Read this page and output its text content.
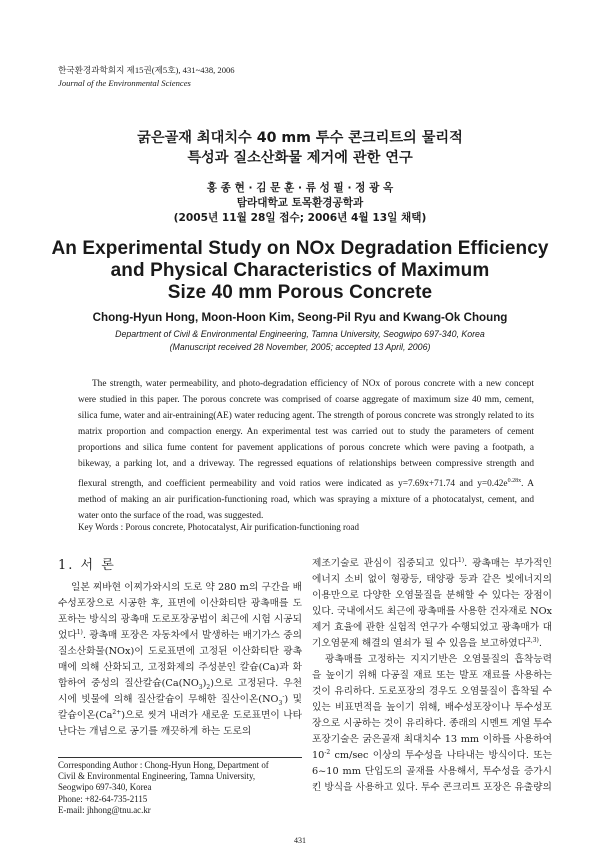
한국환경과학회지 제15권(제5호), 431~438, 2006
Journal of the Environmental Sciences
굵은골재 최대치수 40 mm 투수 콘크리트의 물리적
특성과 질소산화물 제거에 관한 연구
홍 종 현 · 김 문 훈 · 류 성 필 · 정 광 옥
탐라대학교 토목환경공학과
(2005년 11월 28일 접수; 2006년 4월 13일 채택)
An Experimental Study on NOx Degradation Efficiency
and Physical Characteristics of Maximum
Size 40 mm Porous Concrete
Chong-Hyun Hong, Moon-Hoon Kim, Seong-Pil Ryu and Kwang-Ok Choung
Department of Civil & Environmental Engineering, Tamna University, Seogwipo 697-340, Korea
(Manuscript received 28 November, 2005; accepted 13 April, 2006)

The strength, water permeability, and photo-degradation efficiency of NOx of porous concrete with a new concept were studied in this paper. The porous concrete was comprised of coarse aggregate of maximum size 40 mm, cement, silica fume, water and air-entraining(AE) water reducing agent. The strength of porous concrete was strongly related to its matrix proportion and compaction energy. An experimental test was carried out to study the parameters of cement proportions and silica fume content for pavement applications of porous concrete which were paving a footpath, a bikeway, a parking lot, and a driveway. The regressed equations of relationships between compressive strength and flexural strength, and coefficient permeability and void ratios were indicated as y=7.69x+71.74 and $y=0.42e^{0.28x}$. A method of making an air purification-functioning road, which was spraying a mixture of a photocatalyst, cement, and water onto the surface of the road, was suggested.

Key Words : Porous concrete, Photocatalyst, Air purification-functioning road
1. 서 론

일본 찌바현 이찌가와시의 도로 약 280 m의 구간을 배수성포장으로 시공한 후, 표면에 이산화티탄 광촉매를 도포하는 방식의 광촉매 도로포장공법이 최근에 시험 시공되었다$^{1)}$. 광촉매 포장은 자동차에서 발생하는 배기가스 중의 질소산화물(NOx)이 도로표면에 고정된 이산화티탄 광촉매에 의해 산화되고, 고정화제의 주성분인 칼슘(Ca)과 화합하여 중성의 질산칼슘$(Ca(NO_3)_2)$으로 고정된다. 우천시에 빗물에 의해 질산칼슘이 무해한 질산이온$(NO_3^-)$ 및 칼슘이온$(Ca^{2+})$으로 씻겨 내려가 새로운 도로표면이 나타난다는 개념으로 공기를 깨끗하게 하는 도로의

제조기술로 관심이 집중되고 있다$^{1)}$. 광촉매는 부가적인 에너지 소비 없이 형광등, 태양광 등과 같은 빛에너지의 이용만으로 다양한 오염물질을 분해할 수 있다는 장점이 있다. 국내에서도 최근에 광촉매를 사용한 건자재로 NOx 제거 효율에 관한 실험적 연구가 수행되었고 광촉매가 대기오염문제 해결의 열쇠가 될 수 있음을 보고하였다$^{2,3)}$.

광촉매를 고정하는 지지기반은 오염물질의 흡착능력을 높이기 위해 다공질 재료 또는 발포 재료를 사용하는 것이 유리하다. 도로포장의 경우도 오염물질이 흡착될 수 있는 비표면적을 높이기 위해, 배수성포장이나 투수성포장으로 시공하는 것이 유리하다. 종래의 시멘트 계열 투수 포장기술은 굵은골재 최대치수 13 mm 이하를 사용하여 $10^{-2}$ cm/sec 이상의 투수성을 나타내는 방식이다. 또는 6~10 mm 단입도의 골재를 사용해서, 투수성을 증가시킨 방식을 사용하고 있다. 투수 콘크리트 포장은 유출량의

Corresponding Author : Chong-Hyun Hong, Department of
Civil & Environmental Engineering, Tamna University,
Seogwipo 697-340, Korea
Phone: +82-64-735-2115
E-mail: jhhong@tnu.ac.kr
431
